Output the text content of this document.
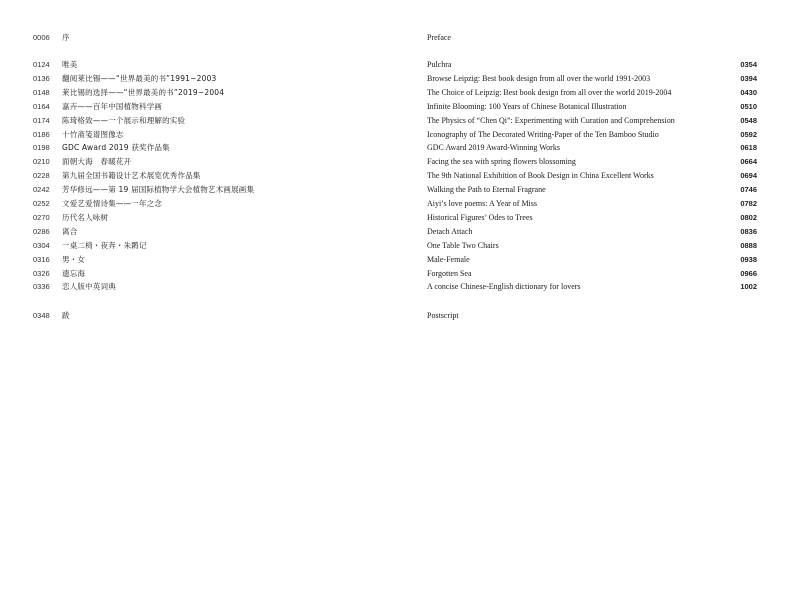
0006	序	Preface
0124	唯美	Pulchra	0354
0136	翻阅莱比锡——“世界最美的书”1991~2003	Browse Leipzig: Best book design from all over the world 1991-2003	0394
0148	莱比锡的选择——“世界最美的书”2019~2004	The Choice of Leipzig: Best book design from all over the world 2019-2004	0430
0164	嘉卉——百年中国植物科学画	Infinite Blooming: 100 Years of Chinese Botanical Illustration	0510
0174	陈琦格致——一个展示和理解的实验	The Physics of “Chen Qi”: Experimenting with Curation and Comprehension	0548
0186	十竹斋笺谱图像志	Iconography of The Decorated Writing-Paper of the Ten Bamboo Studio	0592
0198	GDC Award 2019 获奖作品集	GDC Award 2019 Award-Winning Works	0618
0210	面朝大海　春暖花开	Facing the sea with spring flowers blossoming	0664
0228	第九届全国书籍设计艺术展览优秀作品集	The 9th National Exhibition of Book Design in China Excellent Works	0694
0242	芳华修远——第 19 届国际植物学大会植物艺术画展画集	Walking the Path to Eternal Fragrane	0746
0252	文爱艺爱情诗集——一年之念	Aiyi’s love poems: A Year of Miss	0782
0270	历代名人咏树	Historical Figures’ Odes to Trees	0802
0286	离合	Detach Attach	0836
0304	一桌二椅・夜奔・朱鹮记	One Table Two Chairs	0888
0316	男・女	Male-Female	0938
0326	遗忘海	Forgotten Sea	0966
0336	恋人版中英词典	A concise Chinese-English dictionary for lovers	1002
0348	跋	Postscript
